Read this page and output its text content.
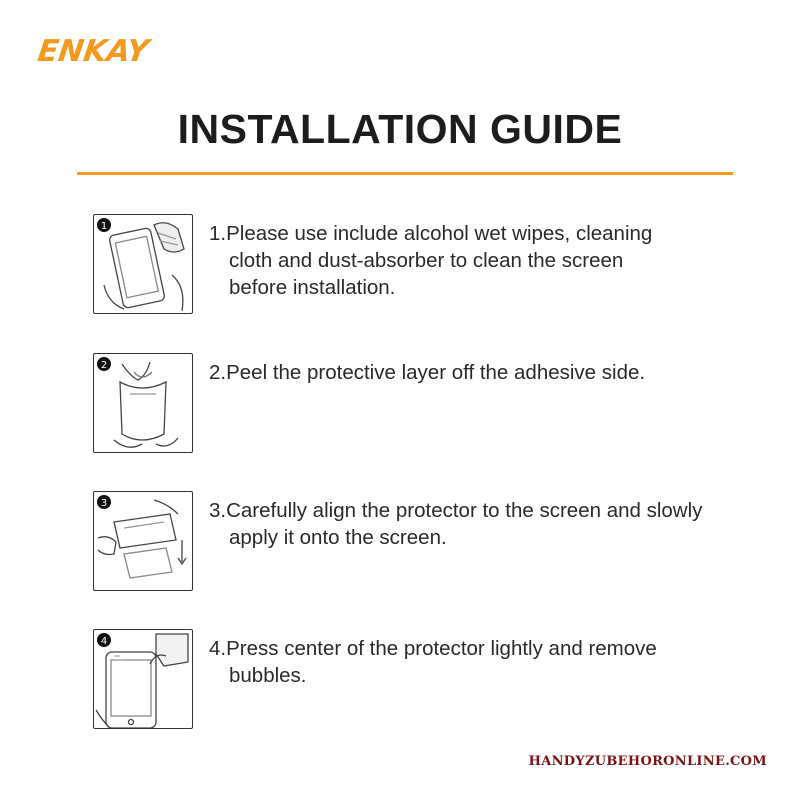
ENKAY
INSTALLATION GUIDE
1	1.Please use include alcohol wet wipes, cleaning
cloth and dust-absorber to clean the screen
before installation.
2	2.Peel the protective layer off the adhesive side.
3	3.Carefully align the protector to the screen and slowly
apply it onto the screen.
4	4.Press center of the protector lightly and remove
bubbles.
HANDYZUBEHORONLINE.COM
